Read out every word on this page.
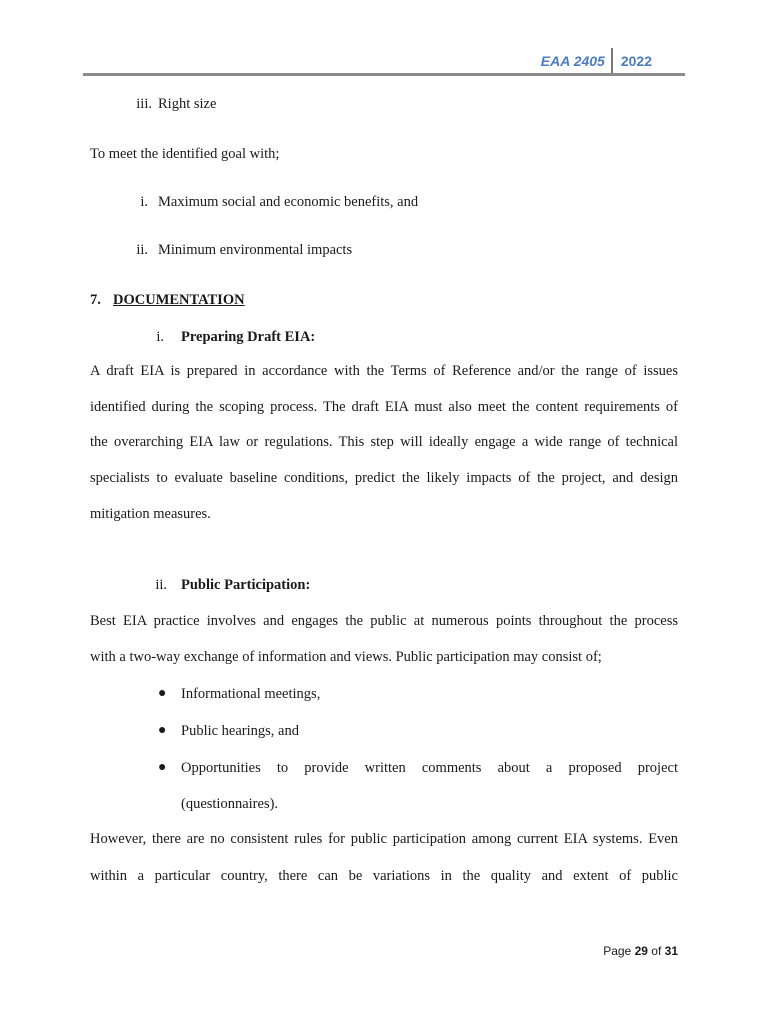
EAA 2405	2022
iii. Right size
To meet the identified goal with;
i. Maximum social and economic benefits, and
ii. Minimum environmental impacts
7. DOCUMENTATION
i. Preparing Draft EIA:
A draft EIA is prepared in accordance with the Terms of Reference and/or the range of issues
identified during the scoping process. The draft EIA must also meet the content requirements of
the overarching EIA law or regulations. This step will ideally engage a wide range of technical
specialists to evaluate baseline conditions, predict the likely impacts of the project, and design
mitigation measures.
ii. Public Participation:
Best EIA practice involves and engages the public at numerous points throughout the process
with a two-way exchange of information and views. Public participation may consist of;
● Informational meetings,
● Public hearings, and
● Opportunities to provide written comments about a proposed project
(questionnaires).
However, there are no consistent rules for public participation among current EIA systems. Even
within a particular country, there can be variations in the quality and extent of public
Page 29 of 31
